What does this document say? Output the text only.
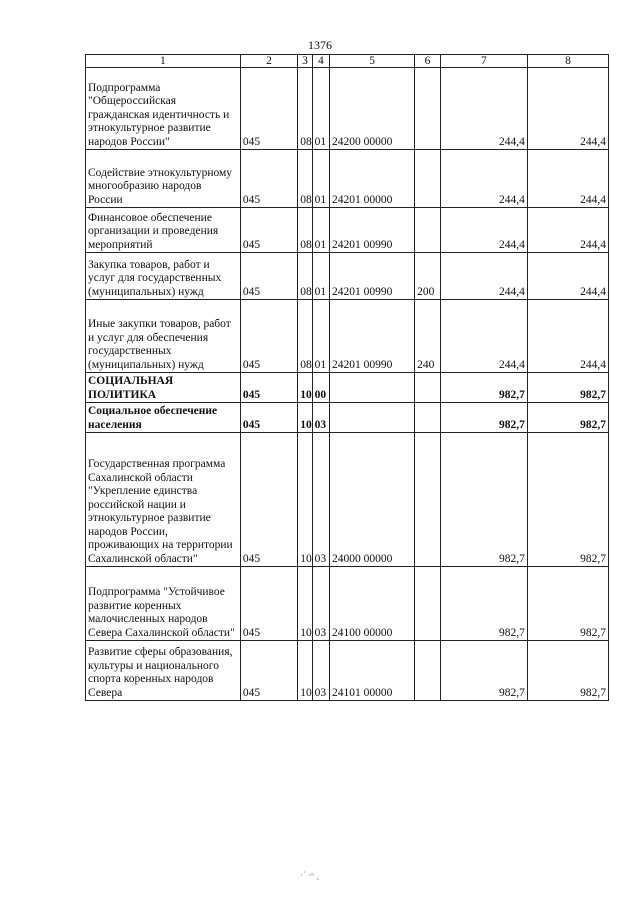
1376
1	2	3	4	5	6	7	8
Подпрограмма "Общероссийская гражданская идентичность и этнокультурное развитие народов России"	045	08	01	24200 00000		244,4	244,4
Содействие этнокультурному многообразию народов России	045	08	01	24201 00000		244,4	244,4
Финансовое обеспечение организации и проведения мероприятий	045	08	01	24201 00990		244,4	244,4
Закупка товаров, работ и услуг для государственных (муниципальных) нужд	045	08	01	24201 00990	200	244,4	244,4
Иные закупки товаров, работ и услуг для обеспечения государственных (муниципальных) нужд	045	08	01	24201 00990	240	244,4	244,4
СОЦИАЛЬНАЯ ПОЛИТИКА	045	10	00			982,7	982,7
Социальное обеспечение населения	045	10	03			982,7	982,7
Государственная программа Сахалинской области "Укрепление единства российской нации и этнокультурное развитие народов России, проживающих на территории Сахалинской области"	045	10	03	24000 00000		982,7	982,7
Подпрограмма "Устойчивое развитие коренных малочисленных народов Севера Сахалинской области"	045	10	03	24100 00000		982,7	982,7
Развитие сферы образования, культуры и национального спорта коренных народов Севера	045	10	03	24101 00000		982,7	982,7
·˙ ·ᵒ ˷
